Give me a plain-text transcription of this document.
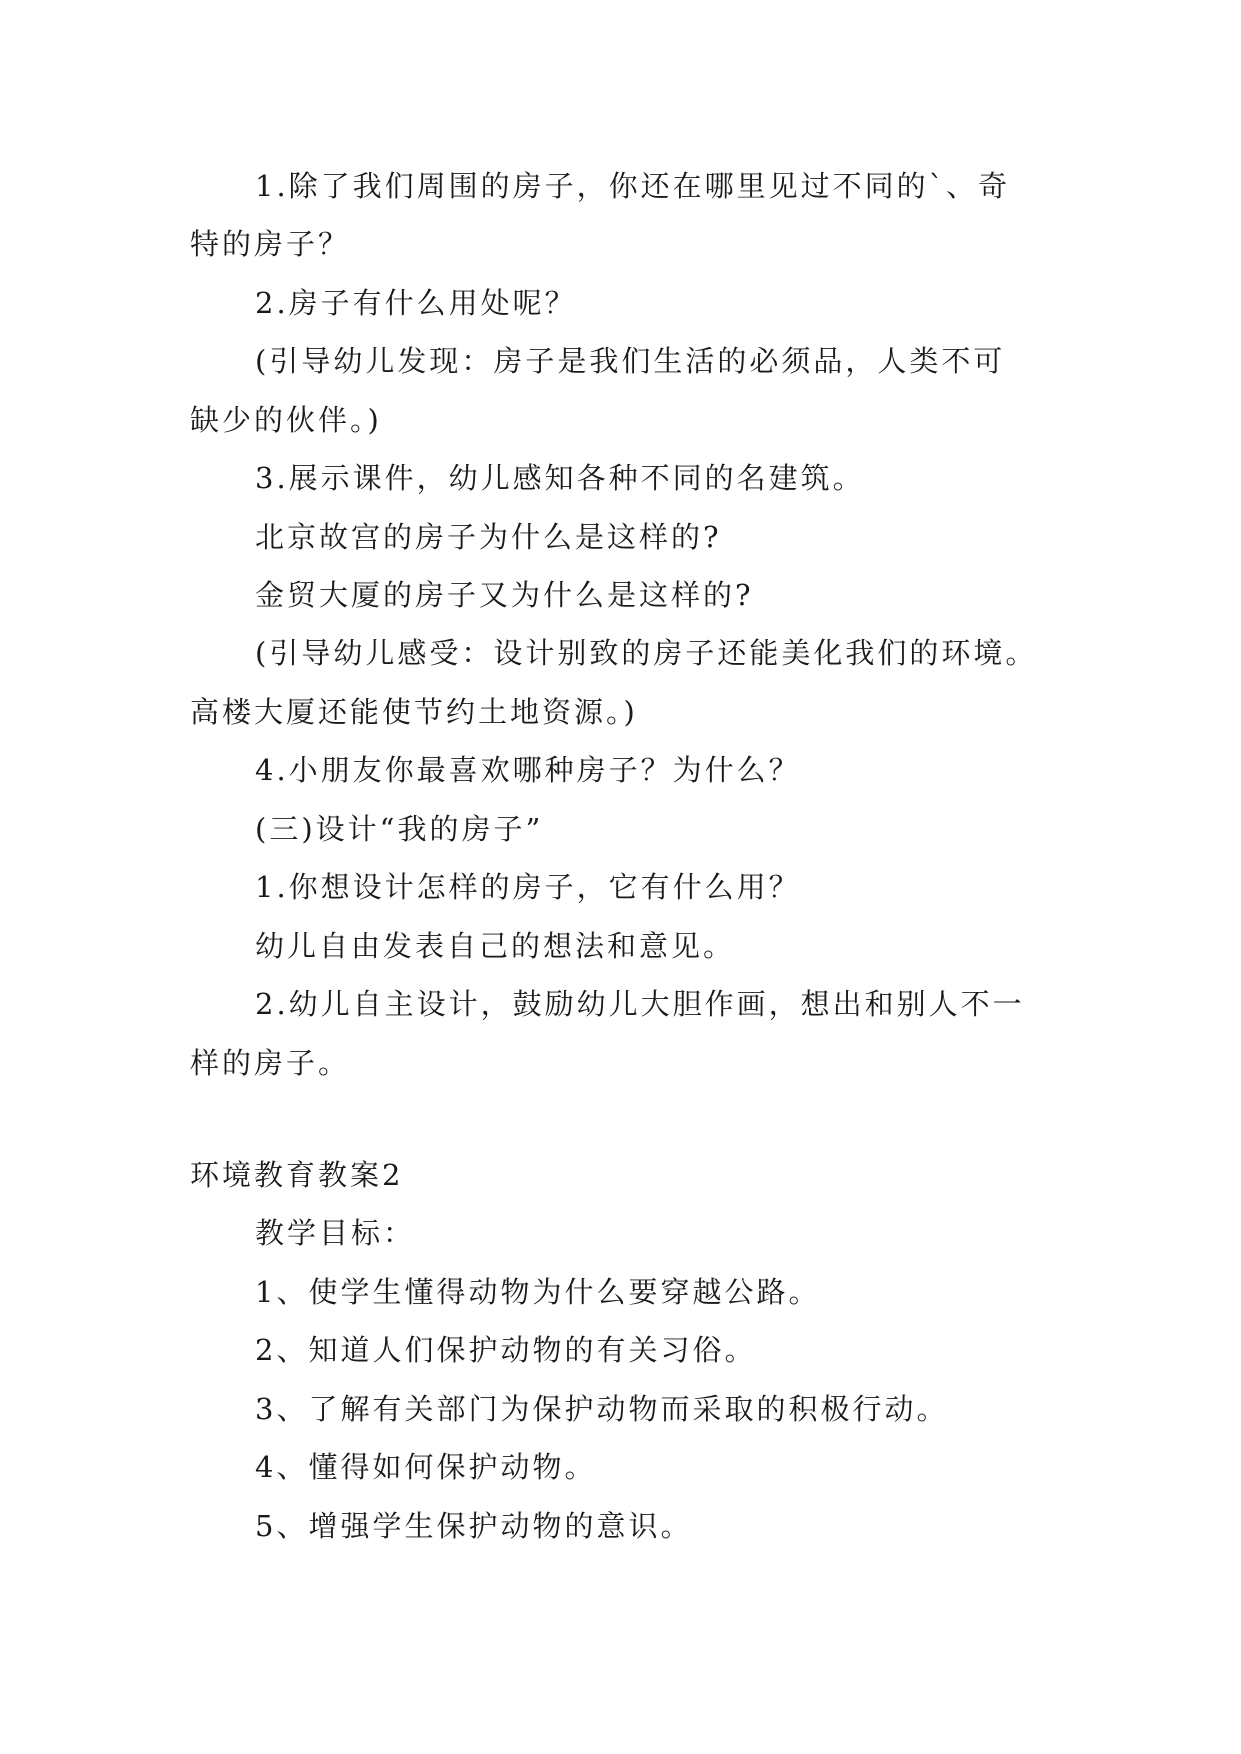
1.除了我们周围的房子，你还在哪里见过不同的`、奇
特的房子？
2.房子有什么用处呢？
(引导幼儿发现：房子是我们生活的必须品，人类不可
缺少的伙伴。)
3.展示课件，幼儿感知各种不同的名建筑。
北京故宫的房子为什么是这样的?
金贸大厦的房子又为什么是这样的?
(引导幼儿感受：设计别致的房子还能美化我们的环境。
高楼大厦还能使节约土地资源。)
4.小朋友你最喜欢哪种房子？为什么？
(三)设计“我的房子”
1.你想设计怎样的房子，它有什么用？
幼儿自由发表自己的想法和意见。
2.幼儿自主设计，鼓励幼儿大胆作画，想出和别人不一
样的房子。
环境教育教案2
教学目标：
1、使学生懂得动物为什么要穿越公路。
2、知道人们保护动物的有关习俗。
3、了解有关部门为保护动物而采取的积极行动。
4、懂得如何保护动物。
5、增强学生保护动物的意识。
